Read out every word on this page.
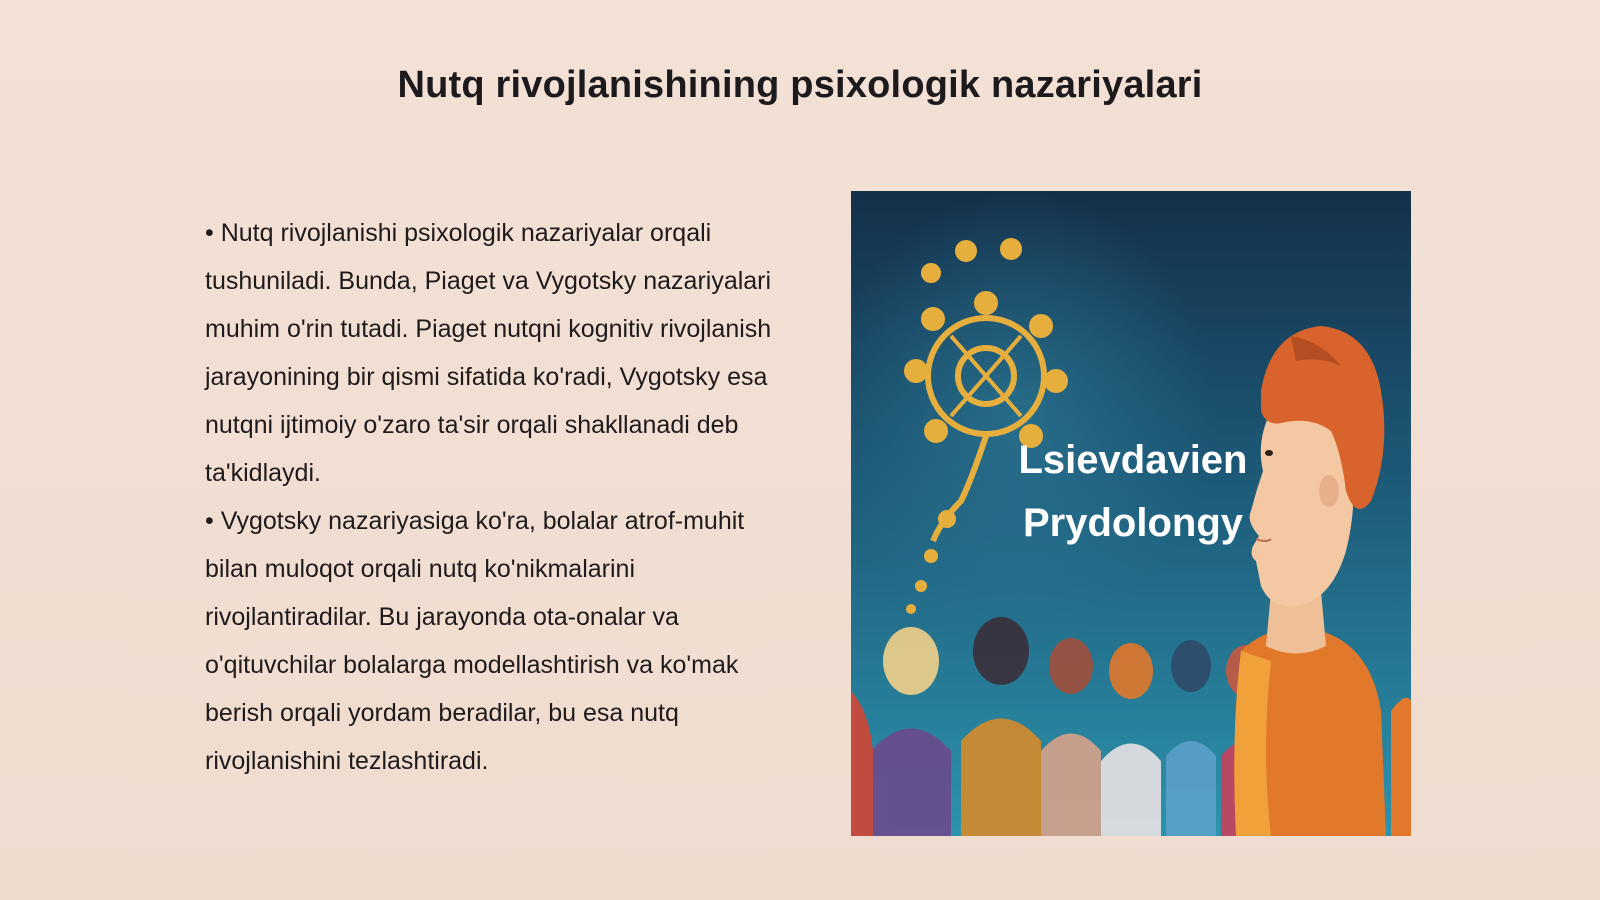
Nutq rivojlanishining psixologik nazariyalari

• Nutq rivojlanishi psixologik nazariyalar orqali tushuniladi. Bunda, Piaget va Vygotsky nazariyalari muhim o'rin tutadi. Piaget nutqni kognitiv rivojlanish jarayonining bir qismi sifatida ko'radi, Vygotsky esa nutqni ijtimoiy o'zaro ta'sir orqali shakllanadi deb ta'kidlaydi.

• Vygotsky nazariyasiga ko'ra, bolalar atrof-muhit bilan muloqot orqali nutq ko'nikmalarini rivojlantiradilar. Bu jarayonda ota-onalar va o'qituvchilar bolalarga modellashtirish va ko'mak berish orqali yordam beradilar, bu esa nutq rivojlanishini tezlashtiradi.

Lsievdavien
Prydolongy
